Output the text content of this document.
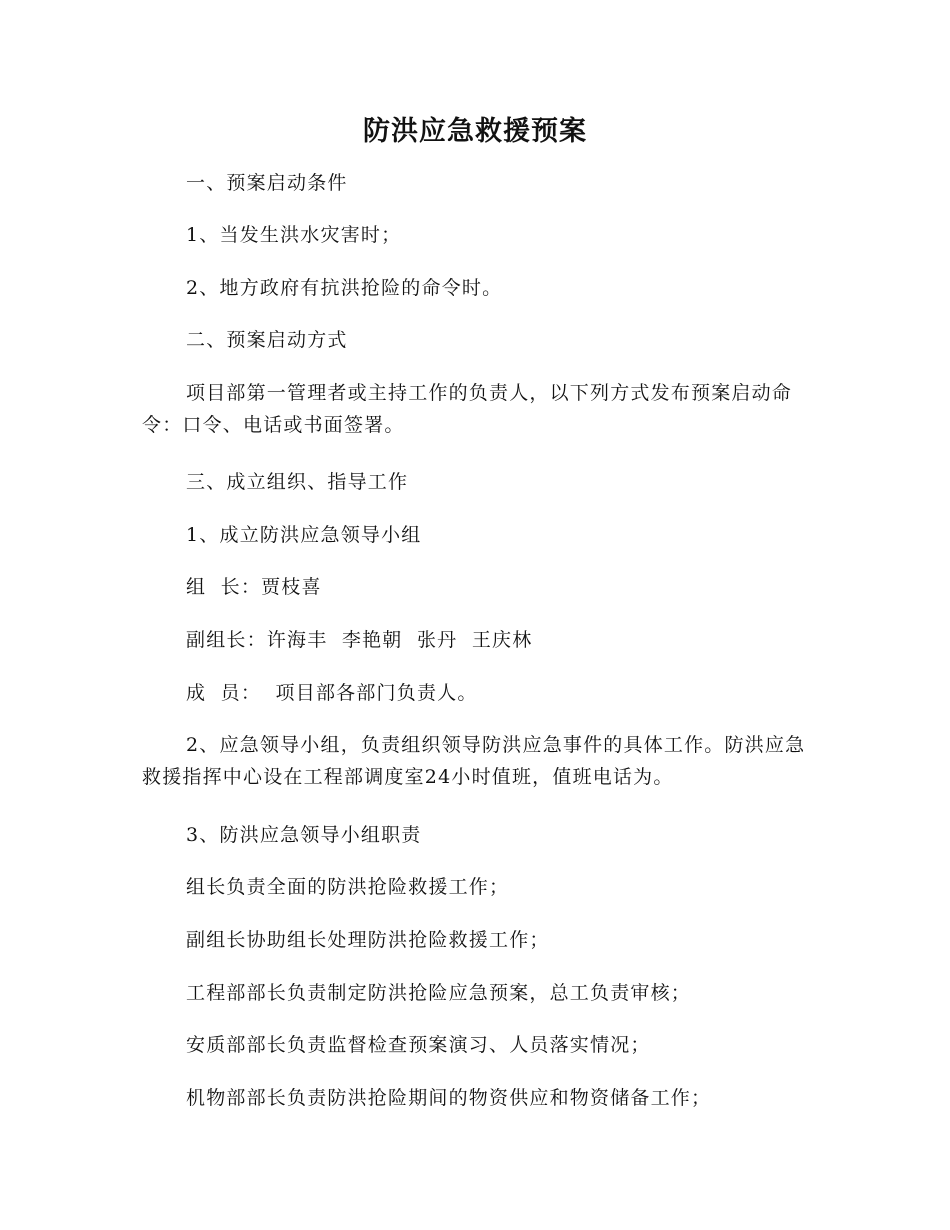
防洪应急救援预案

一、预案启动条件

1、当发生洪水灾害时；

2、地方政府有抗洪抢险的命令时。

二、预案启动方式

项目部第一管理者或主持工作的负责人，以下列方式发布预案启动命令：口令、电话或书面签署。

三、成立组织、指导工作

1、成立防洪应急领导小组

组  长：贾枝喜

副组长：许海丰  李艳朝  张丹  王庆林

成  员：  项目部各部门负责人。

2、应急领导小组，负责组织领导防洪应急事件的具体工作。防洪应急救援指挥中心设在工程部调度室24小时值班，值班电话为。

3、防洪应急领导小组职责

组长负责全面的防洪抢险救援工作；

副组长协助组长处理防洪抢险救援工作；

工程部部长负责制定防洪抢险应急预案，总工负责审核；

安质部部长负责监督检查预案演习、人员落实情况；

机物部部长负责防洪抢险期间的物资供应和物资储备工作；
